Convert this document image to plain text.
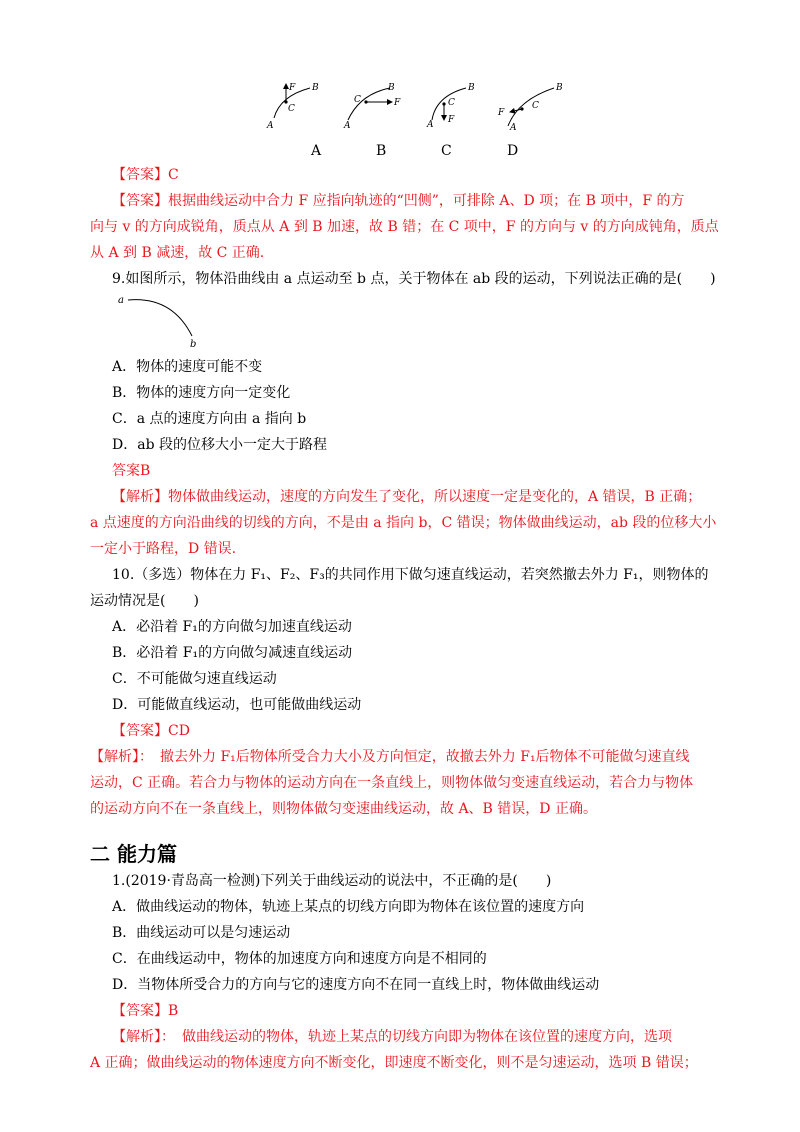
F
C
B
A
C
B
F
A
C
B
F
A
C
B
F
A
A	B	C	D
【答案】C
【答案】根据曲线运动中合力 F 应指向轨迹的“凹侧”，可排除 A、D 项；在 B 项中，F 的方
向与 v 的方向成锐角，质点从 A 到 B 加速，故 B 错；在 C 项中，F 的方向与 v 的方向成钝角，质点
从 A 到 B 减速，故 C 正确.
9.如图所示，物体沿曲线由 a 点运动至 b 点，关于物体在 ab 段的运动，下列说法正确的是(　　)
a
b
A．物体的速度可能不变
B．物体的速度方向一定变化
C．a 点的速度方向由 a 指向 b
D．ab 段的位移大小一定大于路程
答案B
【解析】物体做曲线运动，速度的方向发生了变化，所以速度一定是变化的，A 错误，B 正确；
a 点速度的方向沿曲线的切线的方向，不是由 a 指向 b，C 错误；物体做曲线运动，ab 段的位移大小
一定小于路程，D 错误.
10.（多选）物体在力 F₁、F₂、F₃的共同作用下做匀速直线运动，若突然撤去外力 F₁，则物体的
运动情况是(　　)
A．必沿着 F₁的方向做匀加速直线运动
B．必沿着 F₁的方向做匀减速直线运动
C．不可能做匀速直线运动
D．可能做直线运动，也可能做曲线运动
【答案】CD
【解析】：　撤去外力 F₁后物体所受合力大小及方向恒定，故撤去外力 F₁后物体不可能做匀速直线
运动，C 正确。若合力与物体的运动方向在一条直线上，则物体做匀变速直线运动，若合力与物体
的运动方向不在一条直线上，则物体做匀变速曲线运动，故 A、B 错误，D 正确。
二 能力篇
1.(2019·青岛高一检测)下列关于曲线运动的说法中，不正确的是(　　)
A．做曲线运动的物体，轨迹上某点的切线方向即为物体在该位置的速度方向
B．曲线运动可以是匀速运动
C．在曲线运动中，物体的加速度方向和速度方向是不相同的
D．当物体所受合力的方向与它的速度方向不在同一直线上时，物体做曲线运动
【答案】B
【解析】：　做曲线运动的物体，轨迹上某点的切线方向即为物体在该位置的速度方向，选项
A 正确；做曲线运动的物体速度方向不断变化，即速度不断变化，则不是匀速运动，选项 B 错误；
